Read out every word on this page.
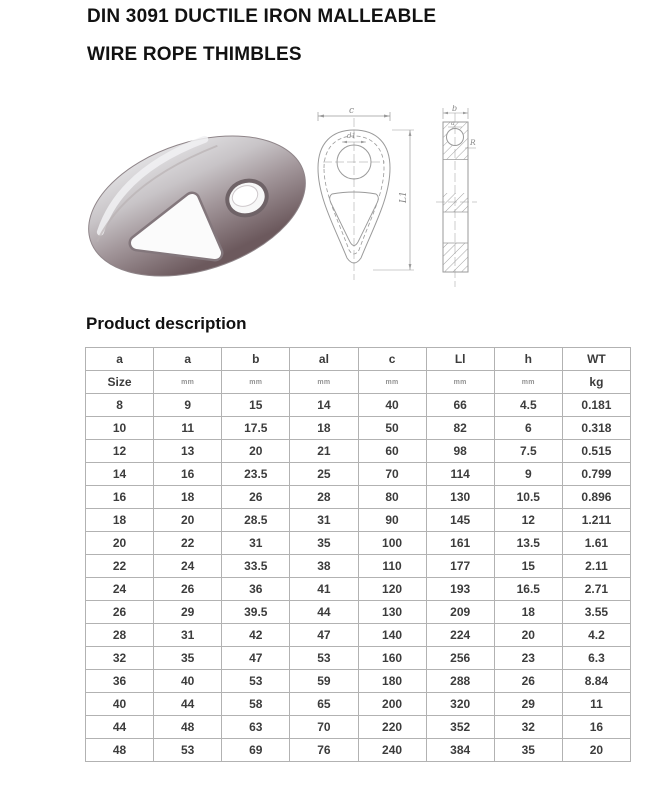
DIN 3091 DUCTILE IRON MALLEABLE
WIRE ROPE THIMBLES
c
d1
L1
b
a
R
Product description
a	a	b	al	c	Ll	h	WT
Size	mm	mm	mm	mm	mm	mm	kg
8	9	15	14	40	66	4.5	0.181
10	11	17.5	18	50	82	6	0.318
12	13	20	21	60	98	7.5	0.515
14	16	23.5	25	70	114	9	0.799
16	18	26	28	80	130	10.5	0.896
18	20	28.5	31	90	145	12	1.211
20	22	31	35	100	161	13.5	1.61
22	24	33.5	38	110	177	15	2.11
24	26	36	41	120	193	16.5	2.71
26	29	39.5	44	130	209	18	3.55
28	31	42	47	140	224	20	4.2
32	35	47	53	160	256	23	6.3
36	40	53	59	180	288	26	8.84
40	44	58	65	200	320	29	11
44	48	63	70	220	352	32	16
48	53	69	76	240	384	35	20
